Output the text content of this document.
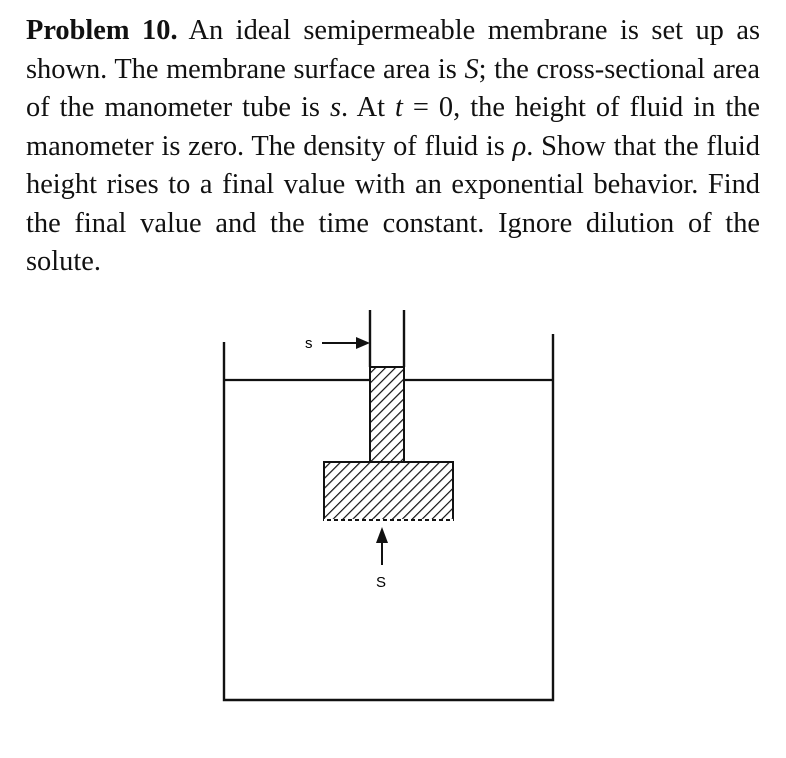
Problem 10. An ideal semipermeable membrane is set up as shown. The membrane surface area is S; the cross-sectional area of the manometer tube is s. At t = 0, the height of fluid in the manometer is zero. The density of fluid is ρ. Show that the fluid height rises to a final value with an exponential behavior. Find the final value and the time constant. Ignore dilution of the solute.
s
S
